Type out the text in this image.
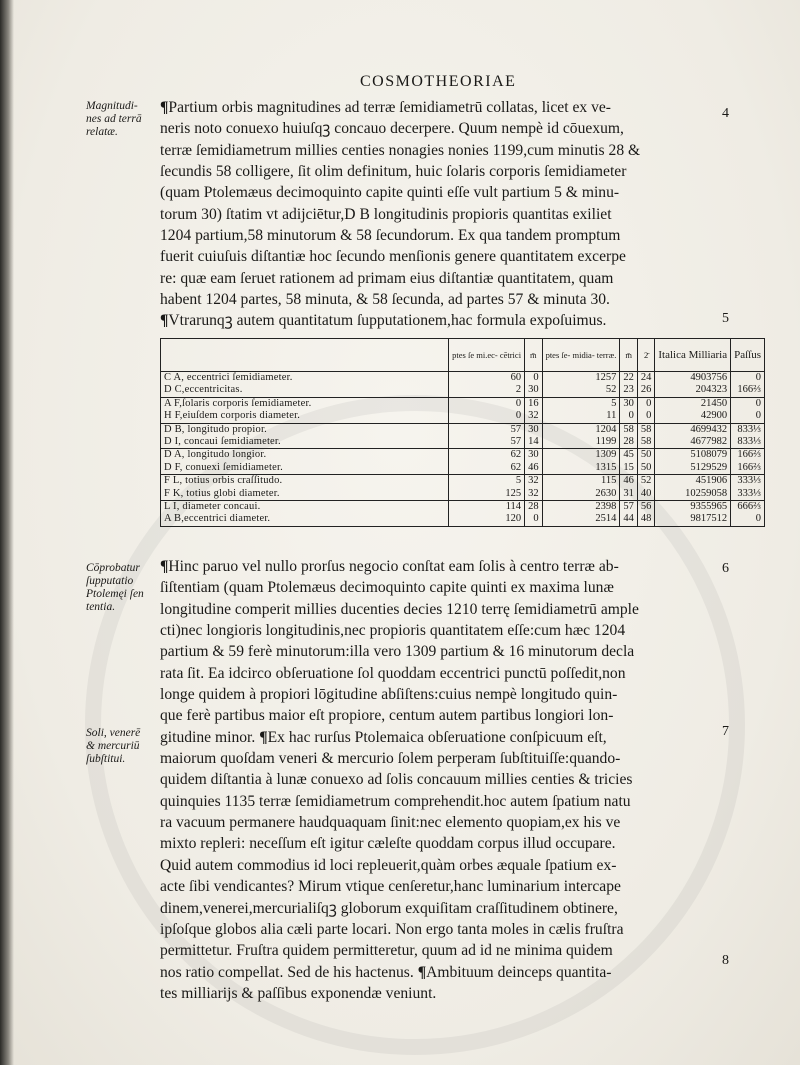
COSMOTHEORIAE
Magnitudi-
nes ad terrā
relatæ.
Cōprobatur
ſupputatio
Ptolemęi ſen
tentia.
Soli, venerē
& mercuriū
ſubſtitui.
4
5
6
7
8
¶Partium orbis magnitudines ad terræ ſemidiametrū collatas, licet ex ve-
neris noto conuexo huiuſqꝫ concauo decerpere. Quum nempè id cōuexum,
terræ ſemidiametrum millies centies nonagies nonies 1199,cum minutis 28 &
ſecundis 58 colligere, ſit olim definitum, huic ſolaris corporis ſemidiameter
(quam Ptolemæus decimoquinto capite quinti eſſe vult partium 5 & minu-
torum 30) ſtatim vt adijciētur,D B longitudinis propioris quantitas exiliet
1204 partium,58 minutorum & 58 ſecundorum. Ex qua tandem promptum
fuerit cuiuſuis diſtantiæ hoc ſecundo menſionis genere quantitatem excerpe
re: quæ eam ſeruet rationem ad primam eius diſtantiæ quantitatem, quam
habent 1204 partes, 58 minuta, & 58 ſecunda, ad partes 57 & minuta 30.
¶Vtrarunqꝫ autem quantitatum ſupputationem,hac formula expoſuimus.
	ptes ſe mi.ec- cētrici	m̄	ptes ſe- midia- terræ.	m̄	2̄	Italica Milliaria	Paſſus
C A, eccentrici ſemidiameter.	60	0	1257	22	24	4903756	0
D C,eccentricitas.	2	30	52	23	26	204323	166⅔
A F,ſolaris corporis ſemidiameter.	0	16	5	30	0	21450	0
H F,eiuſdem corporis diameter.	0	32	11	0	0	42900	0
D B, longitudo propior.	57	30	1204	58	58	4699432	833⅓
D I, concaui ſemidiameter.	57	14	1199	28	58	4677982	833⅓
D A, longitudo longior.	62	30	1309	45	50	5108079	166⅔
D F, conuexi ſemidiameter.	62	46	1315	15	50	5129529	166⅔
F L, totius orbis craſſitudo.	5	32	115	46	52	451906	333⅓
F K, totius globi diameter.	125	32	2630	31	40	10259058	333⅓
L I, diameter concaui.	114	28	2398	57	56	9355965	666⅔
A B,eccentrici diameter.	120	0	2514	44	48	9817512	0
¶Hinc paruo vel nullo prorſus negocio conſtat eam ſolis à centro terræ ab-
ſiſtentiam (quam Ptolemæus decimoquinto capite quinti ex maxima lunæ
longitudine comperit millies ducenties decies 1210 terrę ſemidiametrū ample
cti)nec longioris longitudinis,nec propioris quantitatem eſſe:cum hæc 1204
partium & 59 ferè minutorum:illa vero 1309 partium & 16 minutorum decla
rata ſit. Ea idcirco obſeruatione ſol quoddam eccentrici punctū poſſedit,non
longe quidem à propiori lōgitudine abſiſtens:cuius nempè longitudo quin-
que ferè partibus maior eſt propiore, centum autem partibus longiori lon-
gitudine minor. ¶Ex hac rurſus Ptolemaica obſeruatione conſpicuum eſt,
maiorum quoſdam veneri & mercurio ſolem perperam ſubſtituiſſe:quando-
quidem diſtantia à lunæ conuexo ad ſolis concauum millies centies & tricies
quinquies 1135 terræ ſemidiametrum comprehendit.hoc autem ſpatium natu
ra vacuum permanere haudquaquam ſinit:nec elemento quopiam,ex his ve
mixto repleri: neceſſum eſt igitur cæleſte quoddam corpus illud occupare.
Quid autem commodius id loci repleuerit,quàm orbes æquale ſpatium ex-
acte ſibi vendicantes? Mirum vtique cenſeretur,hanc luminarium intercape
dinem,venerei,mercurialiſqꝫ globorum exquiſitam craſſitudinem obtinere,
ipſoſque globos alia cæli parte locari. Non ergo tanta moles in cælis fruſtra
permittetur. Fruſtra quidem permitteretur, quum ad id ne minima quidem
nos ratio compellat. Sed de his hactenus. ¶Ambituum deinceps quantita-
tes milliarijs & paſſibus exponendæ veniunt.
